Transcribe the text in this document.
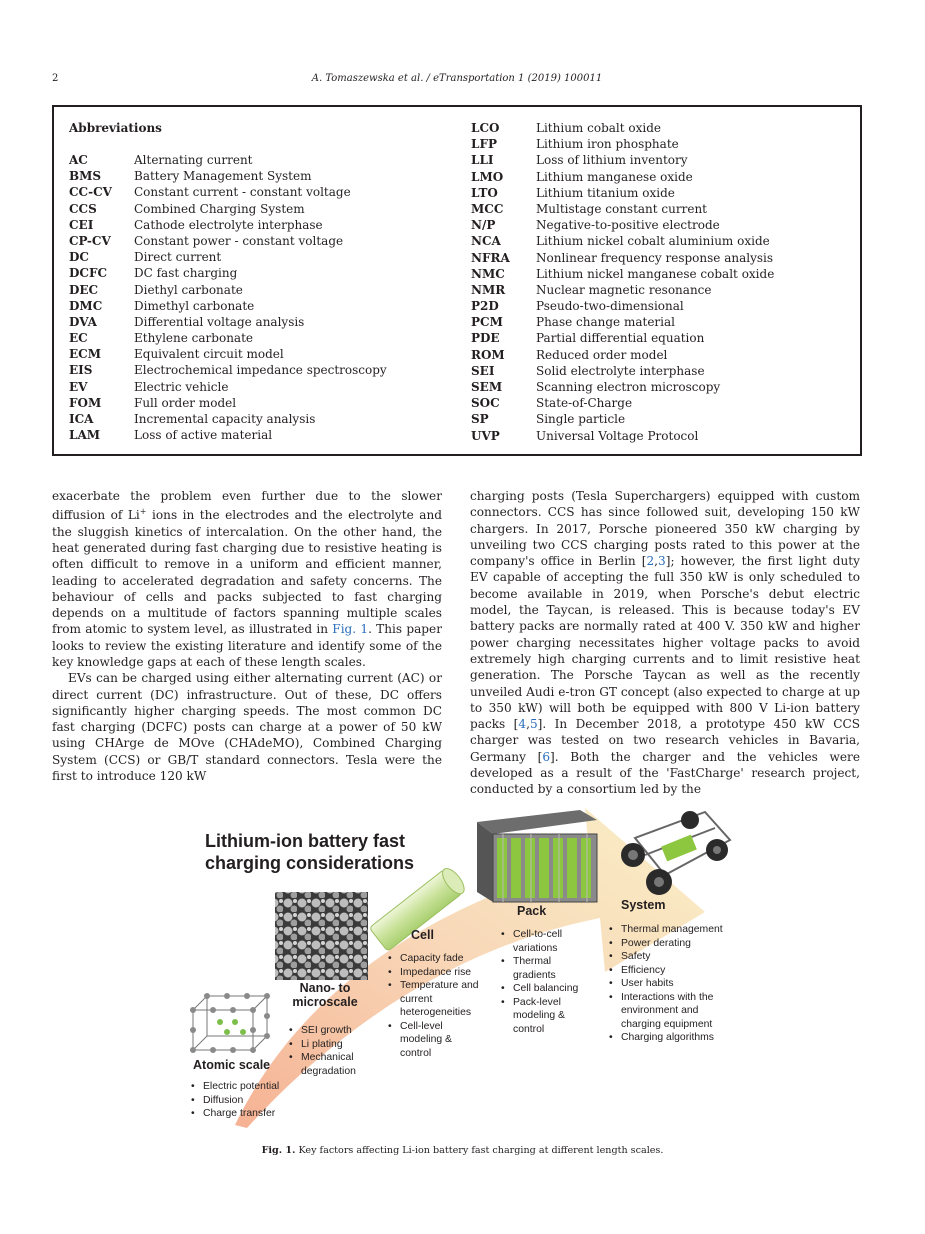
2	A. Tomaszewska et al. / eTransportation 1 (2019) 100011
Abbreviations
AC	Alternating current
BMS	Battery Management System
CC-CV Constant current - constant voltage
CCS	Combined Charging System
CEI	Cathode electrolyte interphase
CP-CV Constant power - constant voltage
DC	Direct current
DCFC DC fast charging
DEC	Diethyl carbonate
DMC	Dimethyl carbonate
DVA	Differential voltage analysis
EC	Ethylene carbonate
ECM	Equivalent circuit model
EIS	Electrochemical impedance spectroscopy
EV	Electric vehicle
FOM	Full order model
ICA	Incremental capacity analysis
LAM	Loss of active material
LCO	Lithium cobalt oxide
LFP	Lithium iron phosphate
LLI	Loss of lithium inventory
LMO	Lithium manganese oxide
LTO	Lithium titanium oxide
MCC	Multistage constant current
N/P	Negative-to-positive electrode
NCA	Lithium nickel cobalt aluminium oxide
NFRA Nonlinear frequency response analysis
NMC	Lithium nickel manganese cobalt oxide
NMR	Nuclear magnetic resonance
P2D	Pseudo-two-dimensional
PCM	Phase change material
PDE	Partial differential equation
ROM	Reduced order model
SEI	Solid electrolyte interphase
SEM	Scanning electron microscopy
SOC	State-of-Charge
SP	Single particle
UVP	Universal Voltage Protocol

exacerbate the problem even further due to the slower diffusion of Li+ ions in the electrodes and the electrolyte and the sluggish kinetics of intercalation. On the other hand, the heat generated during fast charging due to resistive heating is often difficult to remove in a uniform and efficient manner, leading to accelerated degradation and safety concerns. The behaviour of cells and packs subjected to fast charging depends on a multitude of factors spanning multiple scales from atomic to system level, as illustrated in Fig. 1. This paper looks to review the existing literature and identify some of the key knowledge gaps at each of these length scales.

EVs can be charged using either alternating current (AC) or direct current (DC) infrastructure. Out of these, DC offers significantly higher charging speeds. The most common DC fast charging (DCFC) posts can charge at a power of 50 kW using CHArge de MOve (CHAdeMO), Combined Charging System (CCS) or GB/T standard connectors. Tesla were the first to introduce 120 kW

charging posts (Tesla Superchargers) equipped with custom connectors. CCS has since followed suit, developing 150 kW chargers. In 2017, Porsche pioneered 350 kW charging by unveiling two CCS charging posts rated to this power at the company's office in Berlin [2,3]; however, the first light duty EV capable of accepting the full 350 kW is only scheduled to become available in 2019, when Porsche's debut electric model, the Taycan, is released. This is because today's EV battery packs are normally rated at 400 V. 350 kW and higher power charging necessitates higher voltage packs to avoid extremely high charging currents and to limit resistive heat generation. The Porsche Taycan as well as the recently unveiled Audi e-tron GT concept (also expected to charge at up to 350 kW) will both be equipped with 800 V Li-ion battery packs [4,5]. In December 2018, a prototype 450 kW CCS charger was tested on two research vehicles in Bavaria, Germany [6]. Both the charger and the vehicles were developed as a result of the 'FastCharge' research project, conducted by a consortium led by the

Lithium-ion battery fast
charging considerations
Atomic scale
• Electric potential
• Diffusion
• Charge transfer
Nano- to
microscale
• SEI growth
• Li plating
• Mechanical degradation
Cell
• Capacity fade
• Impedance rise
• Temperature and current heterogeneities
• Cell-level modeling & control
Pack
• Cell-to-cell variations
• Thermal gradients
• Cell balancing
• Pack-level modeling & control
System
• Thermal management
• Power derating
• Safety
• Efficiency
• User habits
• Interactions with the environment and charging equipment
• Charging algorithms
Fig. 1. Key factors affecting Li-ion battery fast charging at different length scales.
